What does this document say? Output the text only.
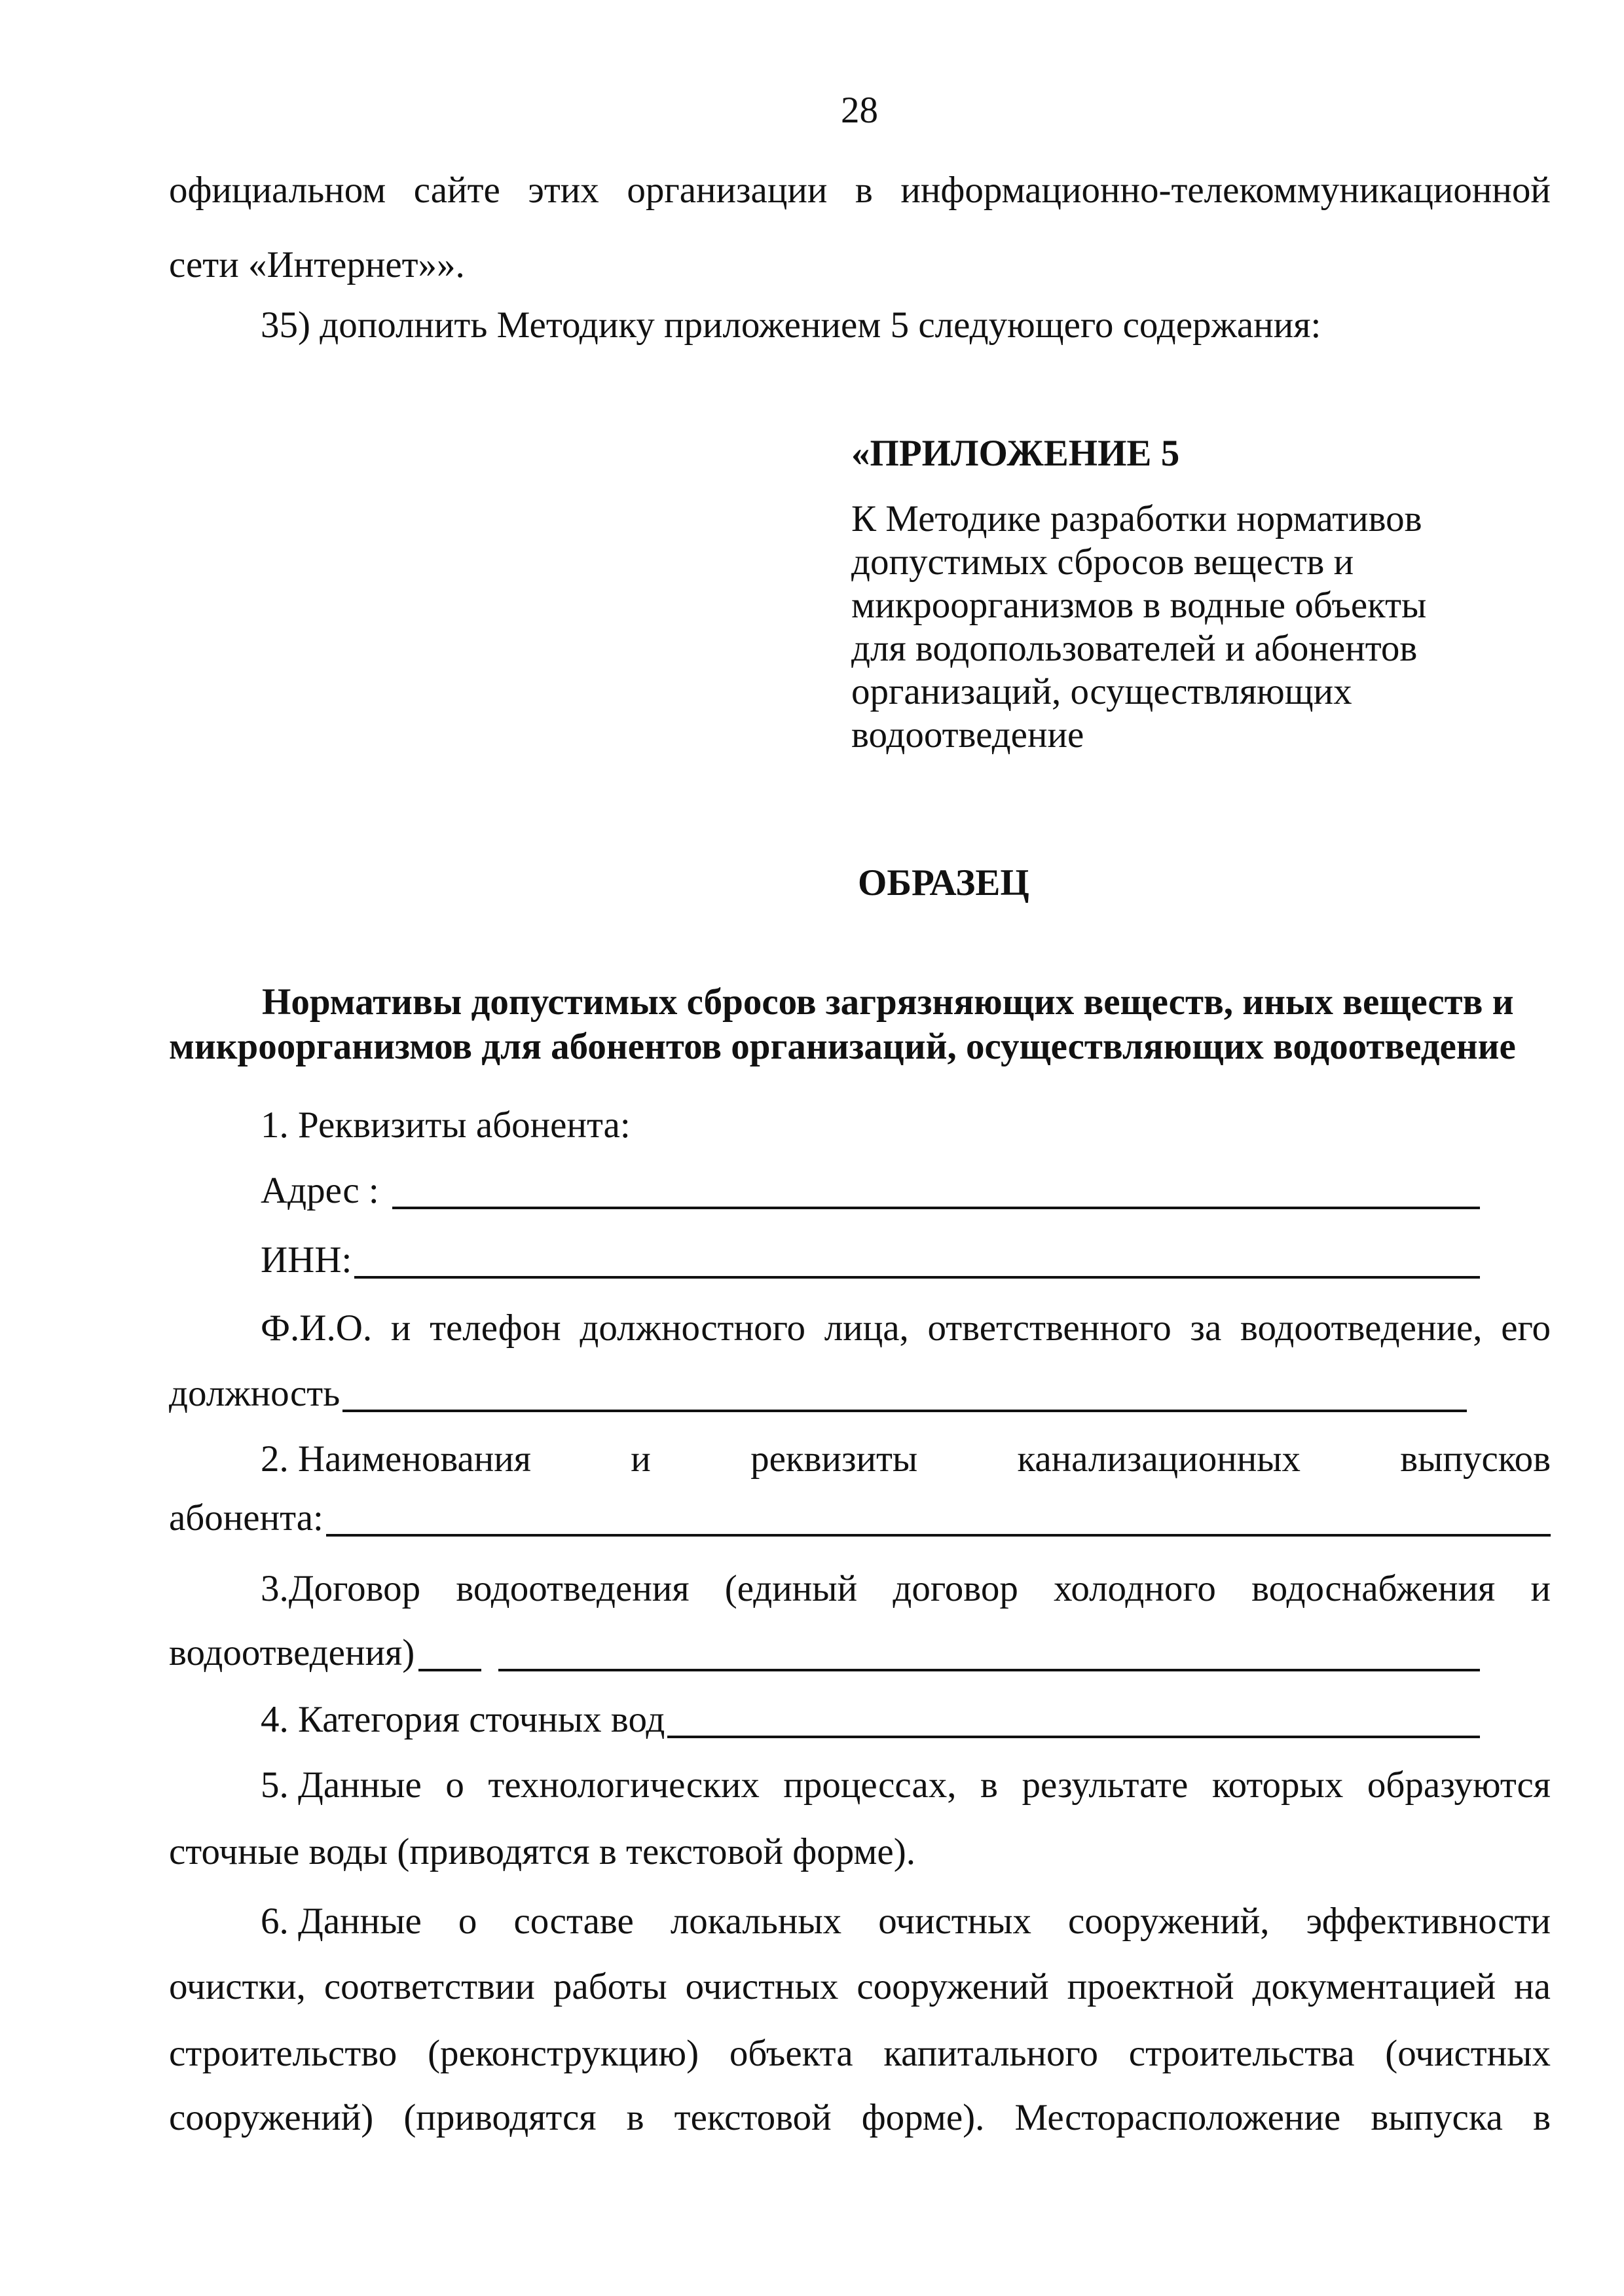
28
официальном сайте этих организации в информационно-телекоммуникационной
сети «Интернет»».
35) дополнить Методику приложением 5 следующего содержания:
«ПРИЛОЖЕНИЕ 5
К Методике разработки нормативов
допустимых сбросов веществ и
микроорганизмов в водные объекты
для водопользователей и абонентов
организаций, осуществляющих
водоотведение
ОБРАЗЕЦ
Нормативы допустимых сбросов загрязняющих веществ, иных веществ и
микроорганизмов для абонентов организаций, осуществляющих водоотведение
1. Реквизиты абонента:
Адрес :
ИНН:
Ф.И.О. и телефон должностного лица, ответственного за водоотведение, его
должность
2. Наименования	и	реквизиты	канализационных	выпусков
абонента:
3.Договор водоотведения (единый договор холодного водоснабжения и
водоотведения)
4. Категория сточных вод
5. Данные о технологических процессах, в результате которых образуются
сточные воды (приводятся в текстовой форме).
6. Данные о составе локальных очистных сооружений, эффективности
очистки, соответствии работы очистных сооружений проектной документацией на
строительство (реконструкцию) объекта капитального строительства (очистных
сооружений) (приводятся в текстовой форме). Месторасположение выпуска в
